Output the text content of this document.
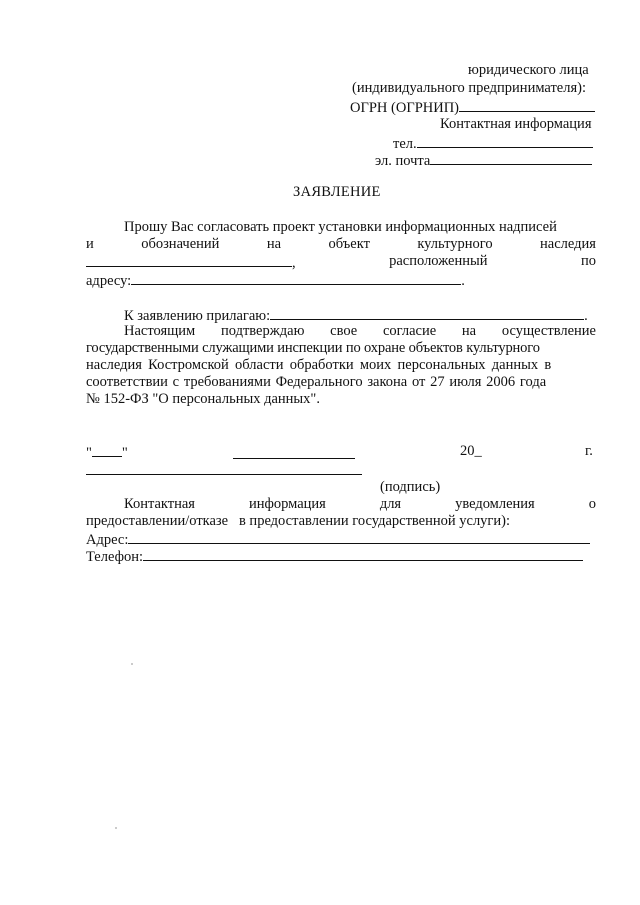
юридического лица
(индивидуального предпринимателя):
ОГРН (ОГРНИП)
Контактная информация
тел.
эл. почта
ЗАЯВЛЕНИЕ
Прошу Вас согласовать проект установки информационных надписей
и	обозначений	на	объект	культурного	наследия
,	расположенный	по
адресу:	.
К заявлению прилагаю:	.
Настоящим подтверждаю свое согласие на осуществление
государственными служащими инспекции по охране объектов культурного
наследия Костромской области обработки моих персональных данных в
соответствии с требованиями Федерального закона от 27 июля 2006 года
№ 152-ФЗ "О персональных данных".
" "	20_	г.
(подпись)
Контактная	информация	для	уведомления	о
предоставлении/отказе   в предоставлении государственной услуги):
Адрес:
Телефон:
